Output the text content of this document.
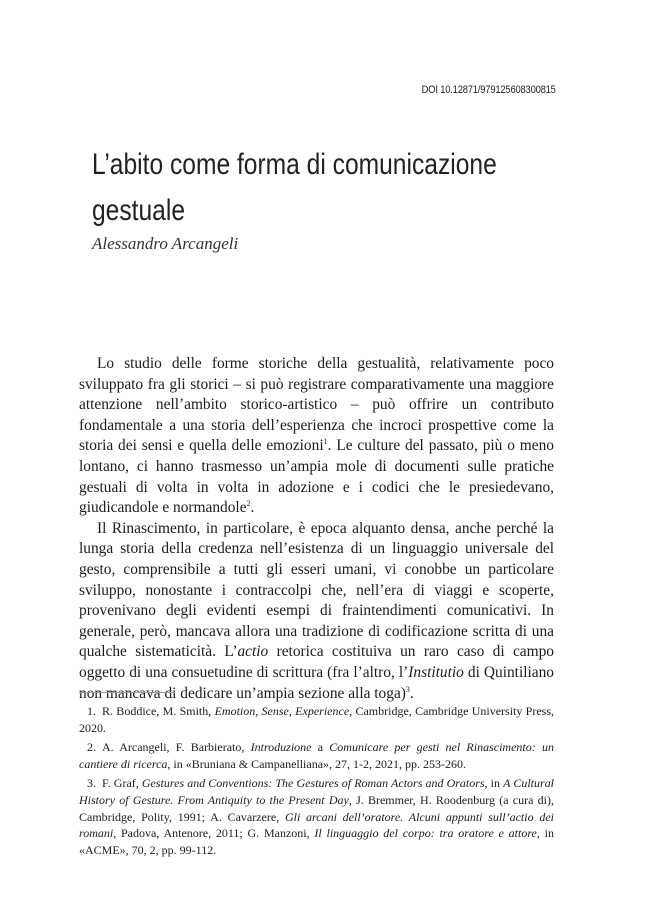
DOI 10.12871/979125608300815
L’abito come forma di comunicazione
gestuale
Alessandro Arcangeli

Lo studio delle forme storiche della gestualità, relativamente poco sviluppato fra gli storici – si può registrare comparativamente una maggiore attenzione nell’ambito storico-artistico – può offrire un contributo fondamentale a una storia dell’esperienza che incroci prospettive come la storia dei sensi e quella delle emozioni$^1$. Le culture del passato, più o meno lontano, ci hanno trasmesso un’ampia mole di documenti sulle pratiche gestuali di volta in volta in adozione e i codici che le presiedevano, giudicandole e normandole$^2$.

Il Rinascimento, in particolare, è epoca alquanto densa, anche perché la lunga storia della credenza nell’esistenza di un linguaggio universale del gesto, comprensibile a tutti gli esseri umani, vi conobbe un particolare sviluppo, nonostante i contraccolpi che, nell’era di viaggi e scoperte, provenivano degli evidenti esempi di fraintendimenti comunicativi. In generale, però, mancava allora una tradizione di codificazione scritta di una qualche sistematicità. L’actio retorica costituiva un raro caso di campo oggetto di una consuetudine di scrittura (fra l’altro, l’Institutio di Quintiliano non mancava di dedicare un’ampia sezione alla toga)$^3$.

1. R. Boddice, M. Smith, Emotion, Sense, Experience, Cambridge, Cambridge University Press, 2020.

2. A. Arcangeli, F. Barbierato, Introduzione a Comunicare per gesti nel Rinascimento: un cantiere di ricerca, in «Bruniana & Campanelliana», 27, 1-2, 2021, pp. 253-260.

3. F. Graf, Gestures and Conventions: The Gestures of Roman Actors and Orators, in A Cultural History of Gesture. From Antiquity to the Present Day, J. Bremmer, H. Roodenburg (a cura di), Cambridge, Polity, 1991; A. Cavarzere, Gli arcani dell’oratore. Alcuni appunti sull’actio dei romani, Padova, Antenore, 2011; G. Manzoni, Il linguaggio del corpo: tra oratore e attore, in «ACME», 70, 2, pp. 99-112.
